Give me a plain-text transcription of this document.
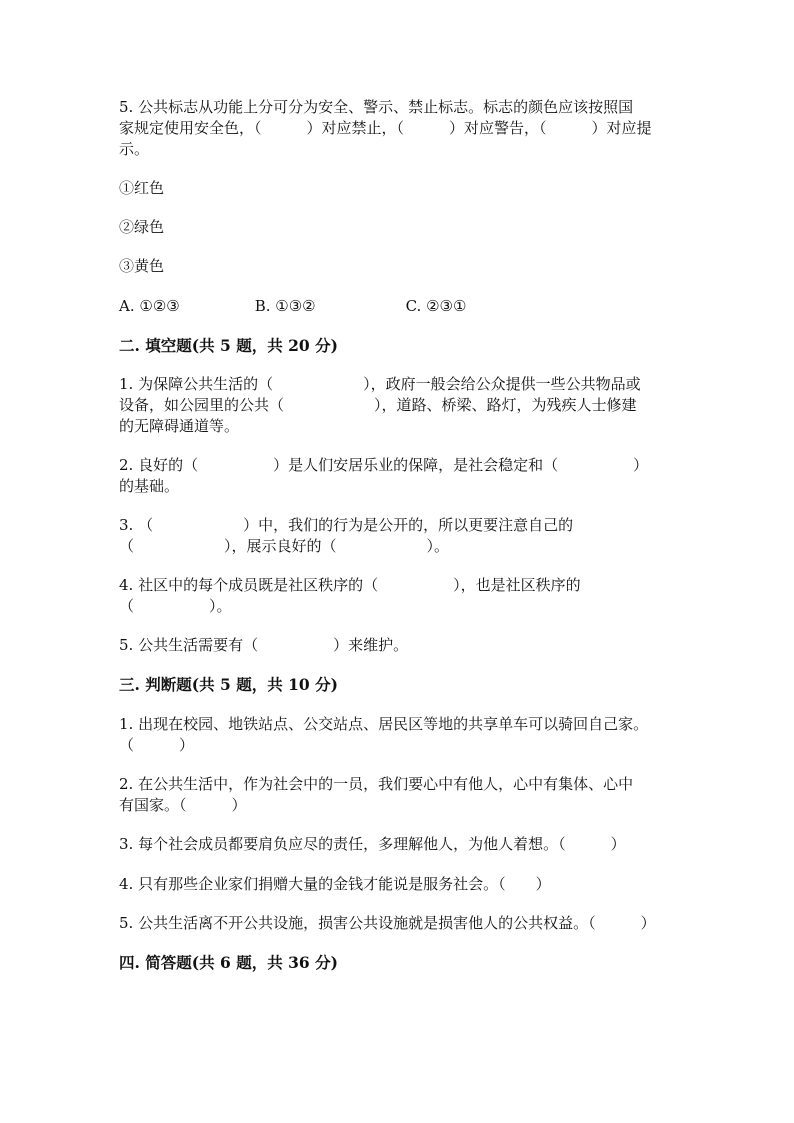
5. 公共标志从功能上分可分为安全、警示、禁止标志。标志的颜色应该按照国
家规定使用安全色，（　　　）对应禁止，（　　　）对应警告，（　　　）对应提
示。
①红色
②绿色
③黄色
A. ①②③　　　　　B. ①③②　　　　　　C. ②③①
二. 填空题(共 5 题，共 20 分)
1. 为保障公共生活的（　　　　　　），政府一般会给公众提供一些公共物品或
设备，如公园里的公共（　　　　　　），道路、桥梁、路灯，为残疾人士修建
的无障碍通道等。
2. 良好的（　　　　　）是人们安居乐业的保障，是社会稳定和（　　　　　）
的基础。
3. （　　　　　　）中，我们的行为是公开的，所以更要注意自己的
（　　　　　　），展示良好的（　　　　　　）。
4. 社区中的每个成员既是社区秩序的（　　　　　），也是社区秩序的
（　　　　　）。
5. 公共生活需要有（　　　　　）来维护。
三. 判断题(共 5 题，共 10 分)
1. 出现在校园、地铁站点、公交站点、居民区等地的共享单车可以骑回自己家。
（　　　）
2. 在公共生活中，作为社会中的一员，我们要心中有他人，心中有集体、心中
有国家。（　　　）
3. 每个社会成员都要肩负应尽的责任，多理解他人，为他人着想。（　　　）
4. 只有那些企业家们捐赠大量的金钱才能说是服务社会。（　　）
5. 公共生活离不开公共设施，损害公共设施就是损害他人的公共权益。（　　　）
四. 简答题(共 6 题，共 36 分)
